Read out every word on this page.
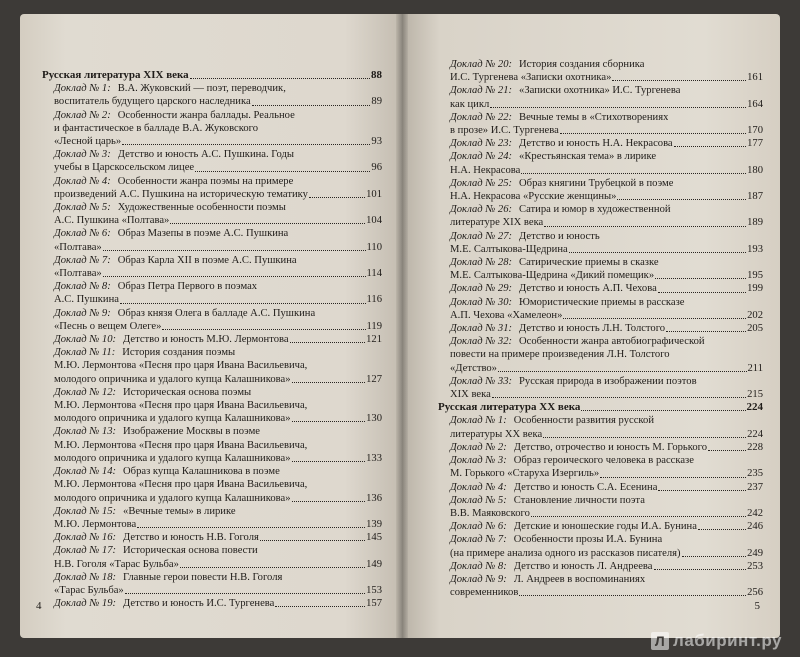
Русская литература XIX века	88
Доклад № 1: В.А. Жуковский — поэт, переводчик,
воспитатель будущего царского наследника	89
Доклад № 2: Особенности жанра баллады. Реальное
и фантастическое в балладе В.А. Жуковского
«Лесной царь»	93
Доклад № 3: Детство и юность А.С. Пушкина. Годы
учебы в Царскосельском лицее	96
Доклад № 4: Особенности жанра поэмы на примере
произведений А.С. Пушкина на историческую тематику	101
Доклад № 5: Художественные особенности поэмы
А.С. Пушкина «Полтава»	104
Доклад № 6: Образ Мазепы в поэме А.С. Пушкина
«Полтава»	110
Доклад № 7: Образ Карла XII в поэме А.С. Пушкина
«Полтава»	114
Доклад № 8: Образ Петра Первого в поэмах
А.С. Пушкина	116
Доклад № 9: Образ князя Олега в балладе А.С. Пушкина
«Песнь о вещем Олеге»	119
Доклад № 10: Детство и юность М.Ю. Лермонтова	121
Доклад № 11: История создания поэмы
М.Ю. Лермонтова «Песня про царя Ивана Васильевича,
молодого опричника и удалого купца Калашникова»	127
Доклад № 12: Историческая основа поэмы
М.Ю. Лермонтова «Песня про царя Ивана Васильевича,
молодого опричника и удалого купца Калашникова»	130
Доклад № 13: Изображение Москвы в поэме
М.Ю. Лермонтова «Песня про царя Ивана Васильевича,
молодого опричника и удалого купца Калашникова»	133
Доклад № 14: Образ купца Калашникова в поэме
М.Ю. Лермонтова «Песня про царя Ивана Васильевича,
молодого опричника и удалого купца Калашникова»	136
Доклад № 15: «Вечные темы» в лирике
М.Ю. Лермонтова	139
Доклад № 16: Детство и юность Н.В. Гоголя	145
Доклад № 17: Историческая основа повести
Н.В. Гоголя «Тарас Бульба»	149
Доклад № 18: Главные герои повести Н.В. Гоголя
«Тарас Бульба»	153
Доклад № 19: Детство и юность И.С. Тургенева	157
4
Доклад № 20: История создания сборника
И.С. Тургенева «Записки охотника»	161
Доклад № 21: «Записки охотника» И.С. Тургенева
как цикл	164
Доклад № 22: Вечные темы в «Стихотворениях
в прозе» И.С. Тургенева	170
Доклад № 23: Детство и юность Н.А. Некрасова	177
Доклад № 24: «Крестьянская тема» в лирике
Н.А. Некрасова	180
Доклад № 25: Образ княгини Трубецкой в поэме
Н.А. Некрасова «Русские женщины»	187
Доклад № 26: Сатира и юмор в художественной
литературе XIX века	189
Доклад № 27: Детство и юность
М.Е. Салтыкова-Щедрина	193
Доклад № 28: Сатирические приемы в сказке
М.Е. Салтыкова-Щедрина «Дикий помещик»	195
Доклад № 29: Детство и юность А.П. Чехова	199
Доклад № 30: Юмористические приемы в рассказе
А.П. Чехова «Хамелеон»	202
Доклад № 31: Детство и юность Л.Н. Толстого	205
Доклад № 32: Особенности жанра автобиографической
повести на примере произведения Л.Н. Толстого
«Детство»	211
Доклад № 33: Русская природа в изображении поэтов
XIX века	215
Русская литература XX века	224
Доклад № 1: Особенности развития русской
литературы XX века	224
Доклад № 2: Детство, отрочество и юность М. Горького	228
Доклад № 3: Образ героического человека в рассказе
М. Горького «Старуха Изергиль»	235
Доклад № 4: Детство и юность С.А. Есенина	237
Доклад № 5: Становление личности поэта
В.В. Маяковского	242
Доклад № 6: Детские и юношеские годы И.А. Бунина	246
Доклад № 7: Особенности прозы И.А. Бунина
(на примере анализа одного из рассказов писателя)	249
Доклад № 8: Детство и юность Л. Андреева	253
Доклад № 9: Л. Андреев в воспоминаниях
современников	256
5
Л лабиринт.ру
